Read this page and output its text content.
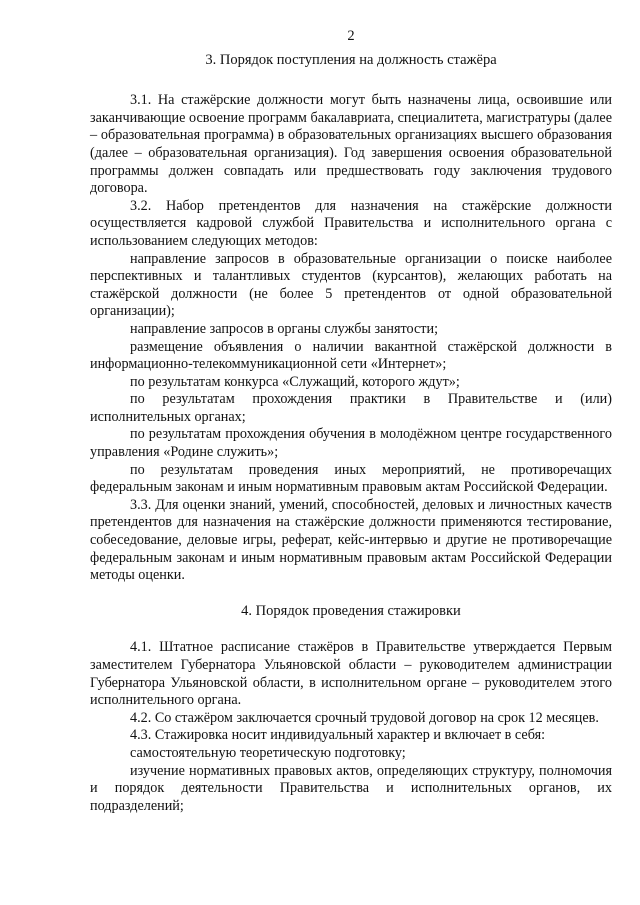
2
3. Порядок поступления на должность стажёра

3.1. На стажёрские должности могут быть назначены лица, освоившие или заканчивающие освоение программ бакалавриата, специалитета, магистратуры (далее – образовательная программа) в образовательных организациях высшего образования (далее – образовательная организация). Год завершения освоения образовательной программы должен совпадать или предшествовать году заключения трудового договора.

3.2. Набор претендентов для назначения на стажёрские должности осуществляется кадровой службой Правительства и исполнительного органа с использованием следующих методов:

направление запросов в образовательные организации о поиске наиболее перспективных и талантливых студентов (курсантов), желающих работать на стажёрской должности (не более 5 претендентов от одной образовательной организации);

направление запросов в органы службы занятости;

размещение объявления о наличии вакантной стажёрской должности в информационно-телекоммуникационной сети «Интернет»;

по результатам конкурса «Служащий, которого ждут»;

по результатам прохождения практики в Правительстве и (или) исполнительных органах;

по результатам прохождения обучения в молодёжном центре государственного управления «Родине служить»;

по результатам проведения иных мероприятий, не противоречащих федеральным законам и иным нормативным правовым актам Российской Федерации.

3.3. Для оценки знаний, умений, способностей, деловых и личностных качеств претендентов для назначения на стажёрские должности применяются тестирование, собеседование, деловые игры, реферат, кейс-интервью и другие не противоречащие федеральным законам и иным нормативным правовым актам Российской Федерации методы оценки.

4. Порядок проведения стажировки

4.1. Штатное расписание стажёров в Правительстве утверждается Первым заместителем Губернатора Ульяновской области – руководителем администрации Губернатора Ульяновской области, в исполнительном органе – руководителем этого исполнительного органа.

4.2. Со стажёром заключается срочный трудовой договор на срок 12 месяцев.

4.3. Стажировка носит индивидуальный характер и включает в себя:

самостоятельную теоретическую подготовку;

изучение нормативных правовых актов, определяющих структуру, полномочия и порядок деятельности Правительства и исполнительных органов, их подразделений;
